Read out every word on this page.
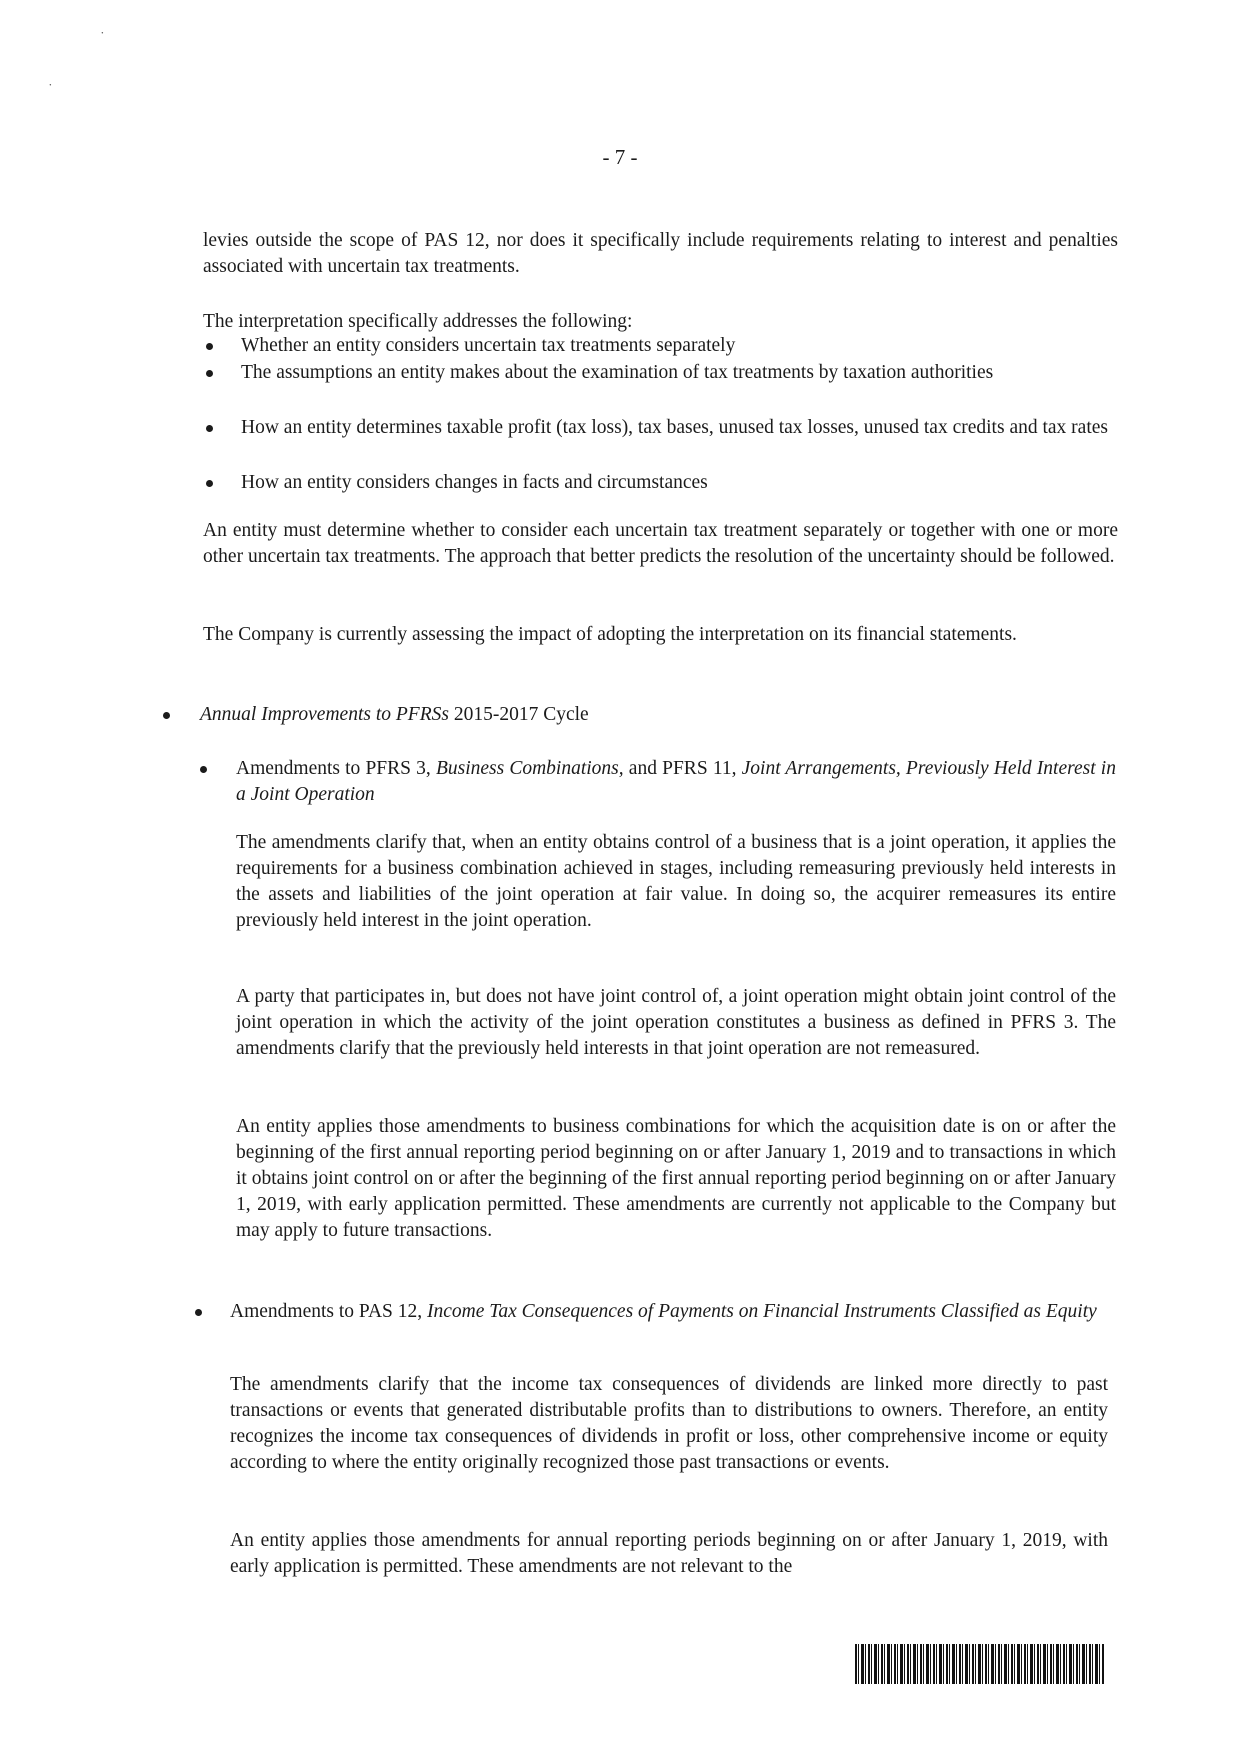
˙
˙
- 7 -

levies outside the scope of PAS 12, nor does it specifically include requirements relating to interest and penalties associated with uncertain tax treatments.

The interpretation specifically addresses the following:

Whether an entity considers uncertain tax treatments separately

The assumptions an entity makes about the examination of tax treatments by taxation authorities

How an entity determines taxable profit (tax loss), tax bases, unused tax losses, unused tax credits and tax rates

How an entity considers changes in facts and circumstances

An entity must determine whether to consider each uncertain tax treatment separately or together with one or more other uncertain tax treatments. The approach that better predicts the resolution of the uncertainty should be followed.

The Company is currently assessing the impact of adopting the interpretation on its financial statements.

Annual Improvements to PFRSs 2015-2017 Cycle

Amendments to PFRS 3, Business Combinations, and PFRS 11, Joint Arrangements, Previously Held Interest in a Joint Operation

The amendments clarify that, when an entity obtains control of a business that is a joint operation, it applies the requirements for a business combination achieved in stages, including remeasuring previously held interests in the assets and liabilities of the joint operation at fair value. In doing so, the acquirer remeasures its entire previously held interest in the joint operation.

A party that participates in, but does not have joint control of, a joint operation might obtain joint control of the joint operation in which the activity of the joint operation constitutes a business as defined in PFRS 3. The amendments clarify that the previously held interests in that joint operation are not remeasured.

An entity applies those amendments to business combinations for which the acquisition date is on or after the beginning of the first annual reporting period beginning on or after January 1, 2019 and to transactions in which it obtains joint control on or after the beginning of the first annual reporting period beginning on or after January 1, 2019, with early application permitted. These amendments are currently not applicable to the Company but may apply to future transactions.

Amendments to PAS 12, Income Tax Consequences of Payments on Financial Instruments Classified as Equity

The amendments clarify that the income tax consequences of dividends are linked more directly to past transactions or events that generated distributable profits than to distributions to owners. Therefore, an entity recognizes the income tax consequences of dividends in profit or loss, other comprehensive income or equity according to where the entity originally recognized those past transactions or events.

An entity applies those amendments for annual reporting periods beginning on or after January 1, 2019, with early application is permitted. These amendments are not relevant to the
